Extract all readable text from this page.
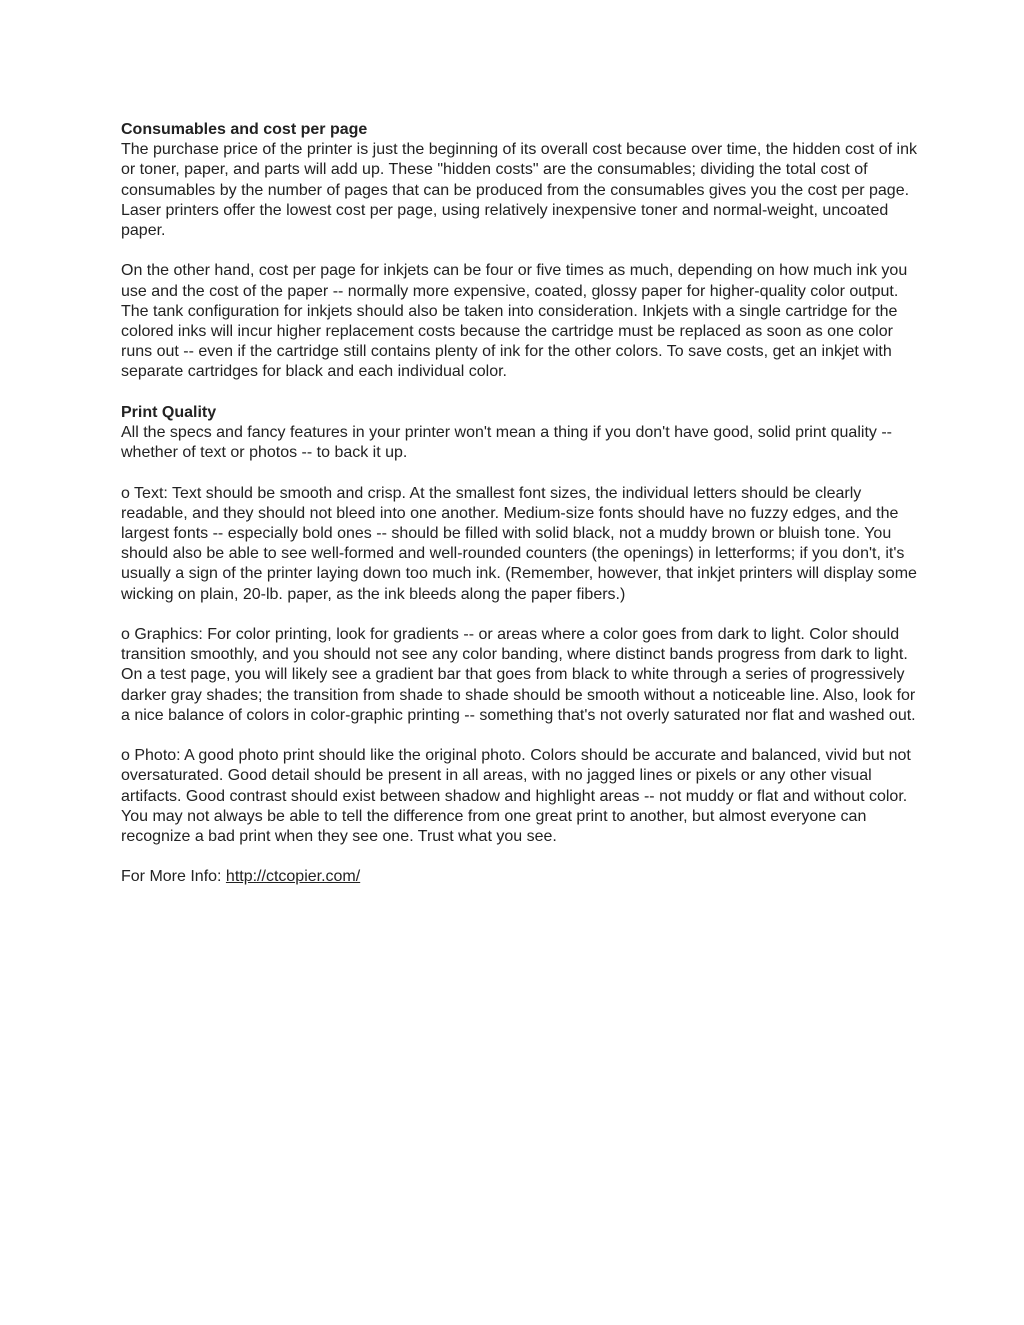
Consumables and cost per page

The purchase price of the printer is just the beginning of its overall cost because over time, the hidden cost of ink or toner, paper, and parts will add up. These "hidden costs" are the consumables; dividing the total cost of consumables by the number of pages that can be produced from the consumables gives you the cost per page. Laser printers offer the lowest cost per page, using relatively inexpensive toner and normal-weight, uncoated paper.

On the other hand, cost per page for inkjets can be four or five times as much, depending on how much ink you use and the cost of the paper -- normally more expensive, coated, glossy paper for higher-quality color output. The tank configuration for inkjets should also be taken into consideration. Inkjets with a single cartridge for the colored inks will incur higher replacement costs because the cartridge must be replaced as soon as one color runs out -- even if the cartridge still contains plenty of ink for the other colors. To save costs, get an inkjet with separate cartridges for black and each individual color.

Print Quality

All the specs and fancy features in your printer won't mean a thing if you don't have good, solid print quality -- whether of text or photos -- to back it up.

o Text: Text should be smooth and crisp. At the smallest font sizes, the individual letters should be clearly readable, and they should not bleed into one another. Medium-size fonts should have no fuzzy edges, and the largest fonts -- especially bold ones -- should be filled with solid black, not a muddy brown or bluish tone. You should also be able to see well-formed and well-rounded counters (the openings) in letterforms; if you don't, it's usually a sign of the printer laying down too much ink. (Remember, however, that inkjet printers will display some wicking on plain, 20-lb. paper, as the ink bleeds along the paper fibers.)

o Graphics: For color printing, look for gradients -- or areas where a color goes from dark to light. Color should transition smoothly, and you should not see any color banding, where distinct bands progress from dark to light. On a test page, you will likely see a gradient bar that goes from black to white through a series of progressively darker gray shades; the transition from shade to shade should be smooth without a noticeable line. Also, look for a nice balance of colors in color-graphic printing -- something that's not overly saturated nor flat and washed out.

o Photo: A good photo print should like the original photo. Colors should be accurate and balanced, vivid but not oversaturated. Good detail should be present in all areas, with no jagged lines or pixels or any other visual artifacts. Good contrast should exist between shadow and highlight areas -- not muddy or flat and without color. You may not always be able to tell the difference from one great print to another, but almost everyone can recognize a bad print when they see one. Trust what you see.

For More Info: http://ctcopier.com/
